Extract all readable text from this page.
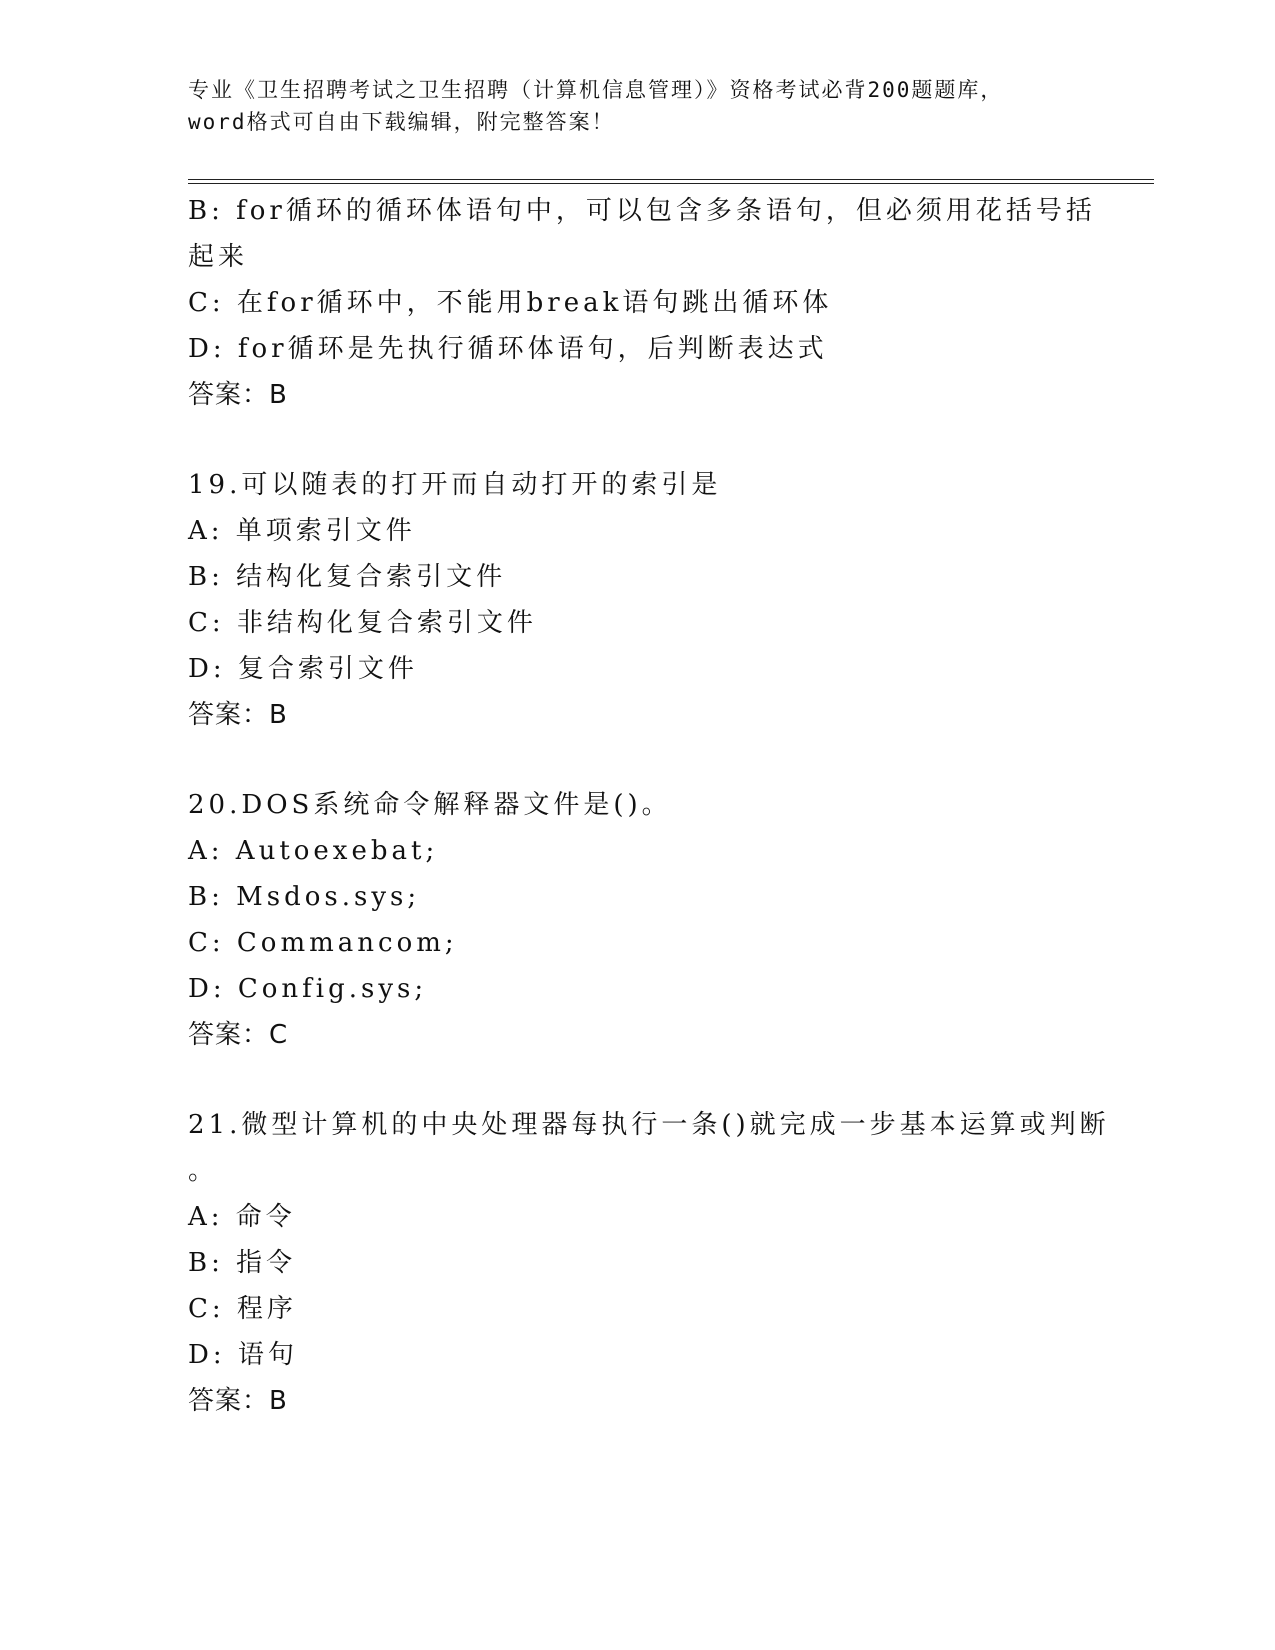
专业《卫生招聘考试之卫生招聘（计算机信息管理）》资格考试必背200题题库，
word格式可自由下载编辑，附完整答案！
B: for循环的循环体语句中，可以包含多条语句，但必须用花括号括
起来
C: 在for循环中，不能用break语句跳出循环体
D: for循环是先执行循环体语句，后判断表达式
答案：B
19.可以随表的打开而自动打开的索引是
A: 单项索引文件
B: 结构化复合索引文件
C: 非结构化复合索引文件
D: 复合索引文件
答案：B
20.DOS系统命令解释器文件是()。
A: Autoexebat;
B: Msdos.sys;
C: Commancom;
D: Config.sys;
答案：C
21.微型计算机的中央处理器每执行一条()就完成一步基本运算或判断
。
A: 命令
B: 指令
C: 程序
D: 语句
答案：B
